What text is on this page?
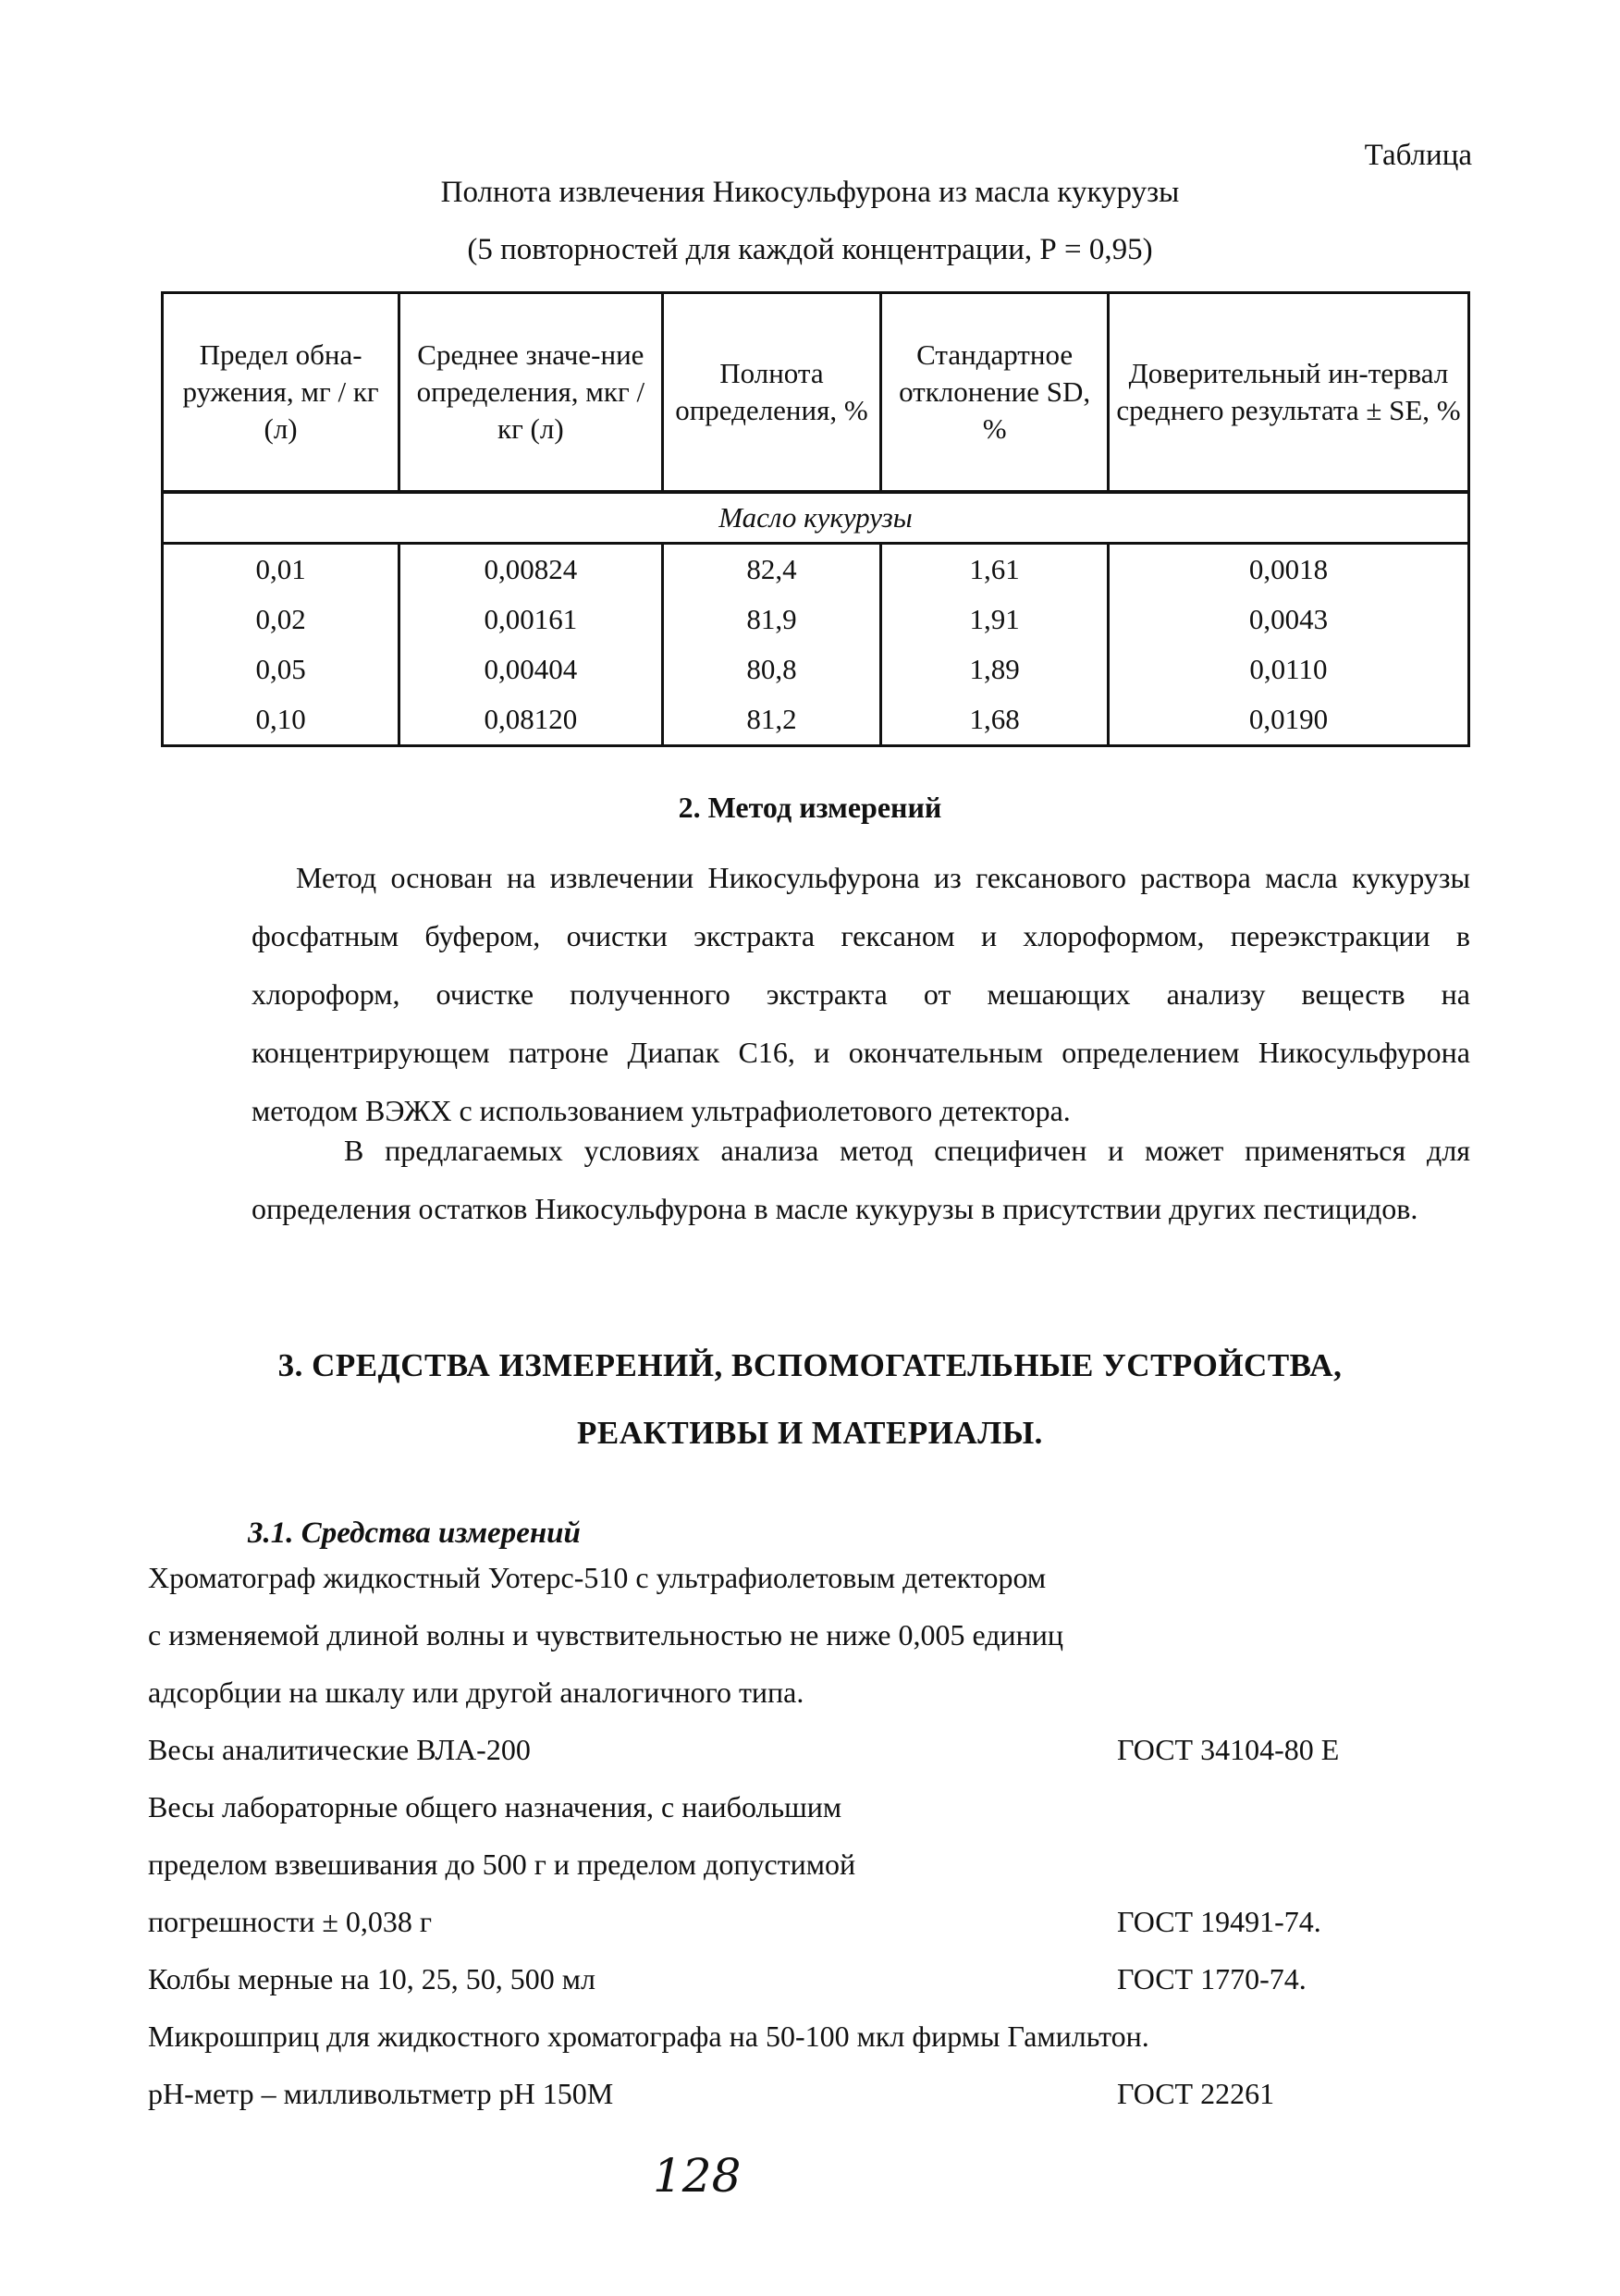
Таблица
Полнота извлечения Никосульфурона из масла кукурузы
(5 повторностей для каждой концентрации, Р = 0,95)
Предел обна-ружения, мг / кг (л)	Среднее значе-ние определения, мкг / кг (л)	Полнота определения, %	Стандартное отклонение SD, %	Доверительный ин-тервал среднего результата ± SE, %
Масло кукурузы				
0,01	0,00824	82,4	1,61	0,0018
0,02	0,00161	81,9	1,91	0,0043
0,05	0,00404	80,8	1,89	0,0110
0,10	0,08120	81,2	1,68	0,0190
2. Метод измерений

Метод основан на извлечении Никосульфурона из гексанового раствора масла кукурузы фосфатным буфером, очистки экстракта гексаном и хлороформом, переэкстракции в хлороформ, очистке полученного экстракта от мешающих анализу веществ на концентрирующем патроне Диапак С16, и окончательным определением Никосульфурона методом ВЭЖХ с использованием ультрафиолетового детектора.

В предлагаемых условиях анализа метод специфичен и может применяться для определения остатков Никосульфурона в масле кукурузы в присутствии других пестицидов.

3. СРЕДСТВА ИЗМЕРЕНИЙ, ВСПОМОГАТЕЛЬНЫЕ УСТРОЙСТВА,
РЕАКТИВЫ И МАТЕРИАЛЫ.
3.1. Средства измерений
Хроматограф жидкостный Уотерс-510 с ультрафиолетовым детектором
с изменяемой длиной волны и чувствительностью не ниже 0,005 единиц
адсорбции на шкалу или другой аналогичного типа.
Весы аналитические ВЛА-200	ГОСТ 34104-80 Е
Весы лабораторные общего назначения, с наибольшим
пределом взвешивания до 500 г и пределом допустимой
погрешности ± 0,038 г	ГОСТ 19491-74.
Колбы мерные на 10, 25, 50, 500 мл	ГОСТ 1770-74.
Микрошприц для жидкостного хроматографа на 50-100 мкл фирмы Гамильтон.
рН-метр – милливольтметр рН 150М	ГОСТ 22261
128
